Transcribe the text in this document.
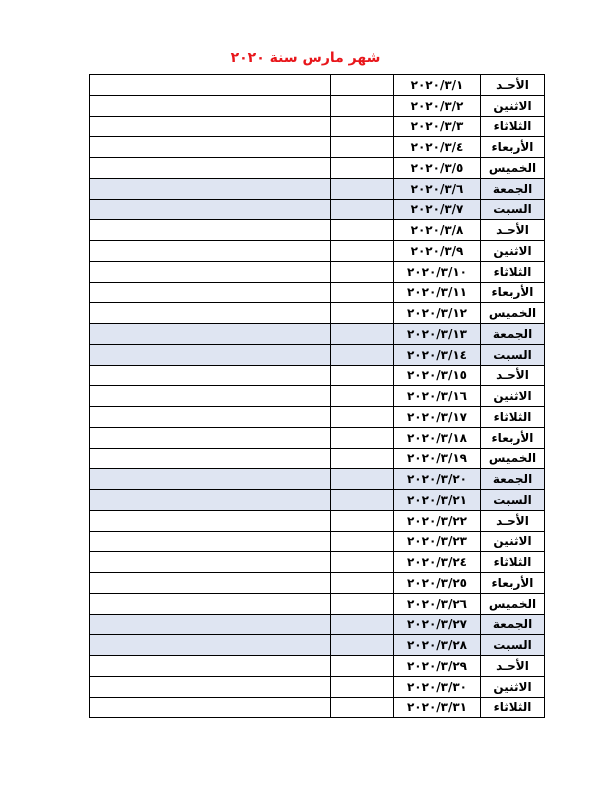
شهر مارس سنة ٢٠٢٠
الأحـد	٢٠٢٠/٣/١		
الاثنين	٢٠٢٠/٣/٢		
الثلاثاء	٢٠٢٠/٣/٣		
الأربعاء	٢٠٢٠/٣/٤		
الخميس	٢٠٢٠/٣/٥		
الجمعة	٢٠٢٠/٣/٦		
السبت	٢٠٢٠/٣/٧		
الأحـد	٢٠٢٠/٣/٨		
الاثنين	٢٠٢٠/٣/٩		
الثلاثاء	٢٠٢٠/٣/١٠		
الأربعاء	٢٠٢٠/٣/١١		
الخميس	٢٠٢٠/٣/١٢		
الجمعة	٢٠٢٠/٣/١٣		
السبت	٢٠٢٠/٣/١٤		
الأحـد	٢٠٢٠/٣/١٥		
الاثنين	٢٠٢٠/٣/١٦		
الثلاثاء	٢٠٢٠/٣/١٧		
الأربعاء	٢٠٢٠/٣/١٨		
الخميس	٢٠٢٠/٣/١٩		
الجمعة	٢٠٢٠/٣/٢٠		
السبت	٢٠٢٠/٣/٢١		
الأحـد	٢٠٢٠/٣/٢٢		
الاثنين	٢٠٢٠/٣/٢٣		
الثلاثاء	٢٠٢٠/٣/٢٤		
الأربعاء	٢٠٢٠/٣/٢٥		
الخميس	٢٠٢٠/٣/٢٦		
الجمعة	٢٠٢٠/٣/٢٧		
السبت	٢٠٢٠/٣/٢٨		
الأحـد	٢٠٢٠/٣/٢٩		
الاثنين	٢٠٢٠/٣/٣٠		
الثلاثاء	٢٠٢٠/٣/٣١		
